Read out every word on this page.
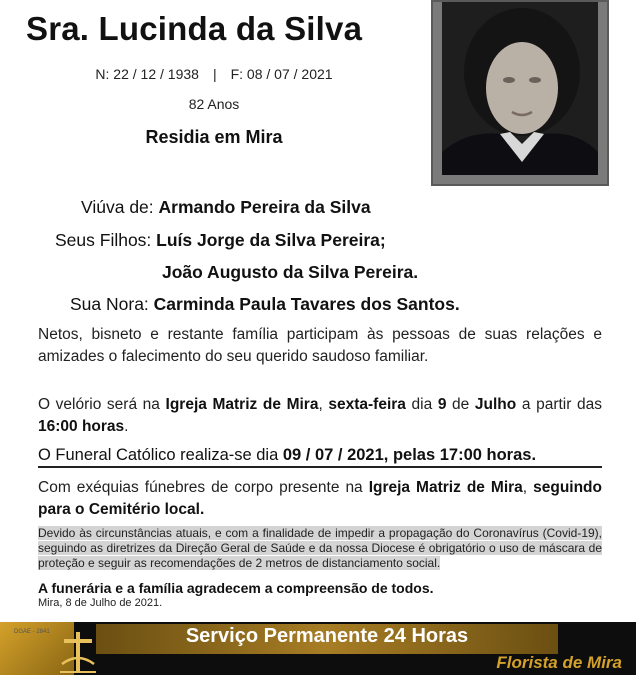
Sra. Lucinda da Silva
N: 22 / 12 / 1938 | F: 08 / 07 / 2021
82 Anos
Residia em Mira
Viúva de: Armando Pereira da Silva
Seus Filhos: Luís Jorge da Silva Pereira;
João Augusto da Silva Pereira.
Sua Nora: Carminda Paula Tavares dos Santos.
Netos, bisneto e restante família participam às pessoas de suas relações e amizades o falecimento do seu querido saudoso familiar.
O velório será na Igreja Matriz de Mira, sexta-feira dia 9 de Julho a partir das 16:00 horas.
O Funeral Católico realiza-se dia 09 / 07 / 2021, pelas 17:00 horas.
Com exéquias fúnebres de corpo presente na Igreja Matriz de Mira, seguindo para o Cemitério local.
Devido às circunstâncias atuais, e com a finalidade de impedir a propagação do Coronavírus (Covid-19), seguindo as diretrizes da Direção Geral de Saúde e da nossa Diocese é obrigatório o uso de máscara de proteção e seguir as recomendações de 2 metros de distanciamento social.
A funerária e a família agradecem a compreensão de todos.
Mira, 8 de Julho de 2021.
Serviço Permanente 24 Horas
Florista de Mira
DGAE - 2841
